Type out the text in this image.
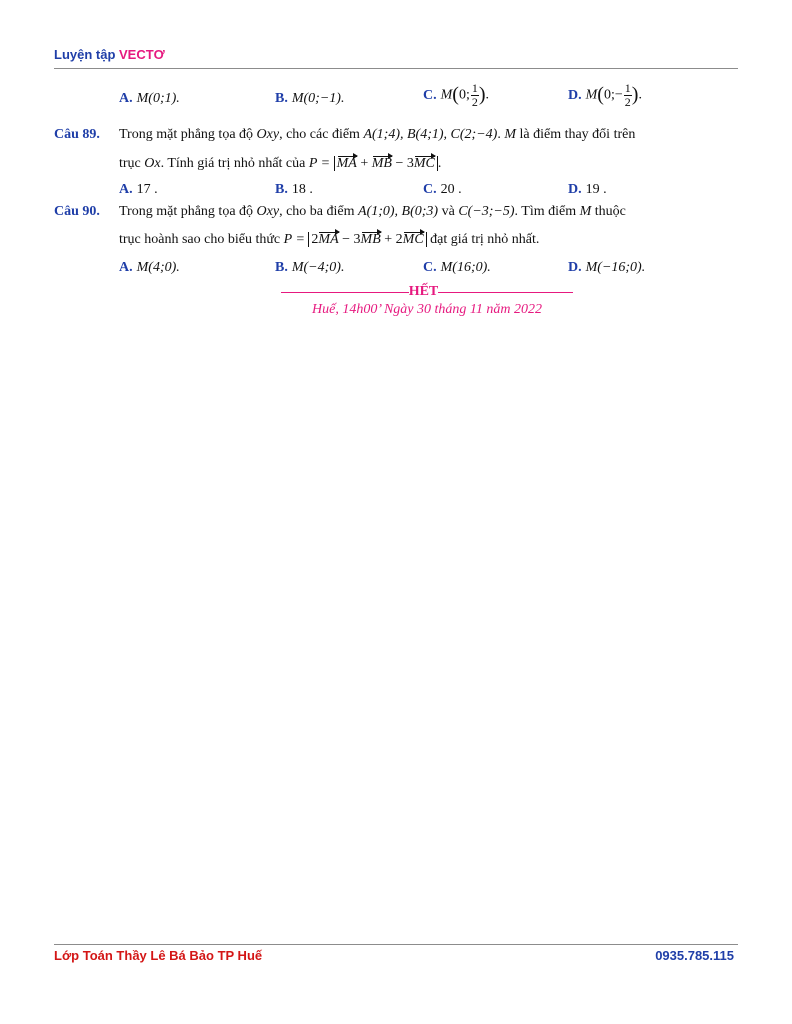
Luyện tập VECTƠ
A. M(0;1).	B. M(0;−1).	C. M(0; $\frac{1}{2}$ ).	D. M(0;− $\frac{1}{2}$ ).
Câu 89. Trong mặt phẳng tọa độ Oxy, cho các điểm A(1;4), B(4;1), C(2;−4). M là điểm thay đổi trên
trục Ox. Tính giá trị nhỏ nhất của P = MA + MB − 3MC .
A. 17 .	B. 18 .	C. 20 .	D. 19 .
Câu 90. Trong mặt phẳng tọa độ Oxy, cho ba điểm A(1;0), B(0;3) và C(−3;−5). Tìm điểm M thuộc
trục hoành sao cho biểu thức P = 2MA − 3MB + 2MC đạt giá trị nhỏ nhất.
A. M(4;0).	B. M(−4;0).	C. M(16;0).	D. M(−16;0).
HẾT
Huế, 14h00’ Ngày 30 tháng 11 năm 2022
Lớp Toán Thầy Lê Bá Bảo TP Huế	0935.785.115
